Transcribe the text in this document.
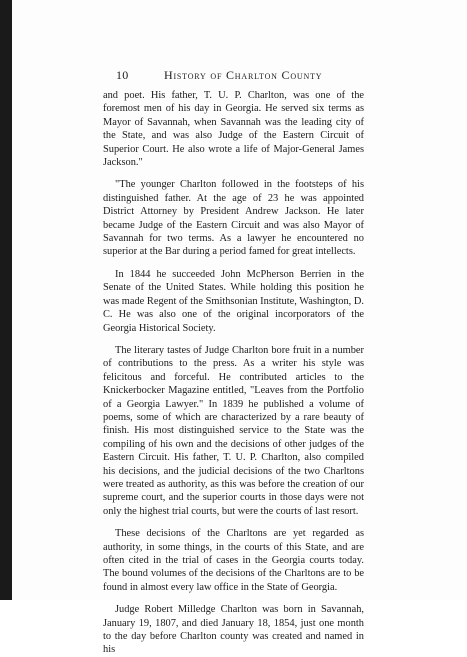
10	History of Charlton County

and poet. His father, T. U. P. Charlton, was one of the foremost men of his day in Georgia. He served six terms as Mayor of Savannah, when Savannah was the leading city of the State, and was also Judge of the Eastern Circuit of Superior Court. He also wrote a life of Major-General James Jackson."

"The younger Charlton followed in the footsteps of his distinguished father. At the age of 23 he was appointed District Attorney by President Andrew Jackson. He later became Judge of the Eastern Circuit and was also Mayor of Savannah for two terms. As a lawyer he encountered no superior at the Bar during a period famed for great intellects.

In 1844 he succeeded John McPherson Berrien in the Senate of the United States. While holding this position he was made Regent of the Smithsonian Institute, Washington, D. C. He was also one of the original incorporators of the Georgia Historical Society.

The literary tastes of Judge Charlton bore fruit in a number of contributions to the press. As a writer his style was felicitous and forceful. He contributed articles to the Knickerbocker Magazine entitled, "Leaves from the Portfolio of a Georgia Lawyer." In 1839 he published a volume of poems, some of which are characterized by a rare beauty of finish. His most distinguished service to the State was the compiling of his own and the decisions of other judges of the Eastern Circuit. His father, T. U. P. Charlton, also compiled his decisions, and the judicial decisions of the two Charltons were treated as authority, as this was before the creation of our supreme court, and the superior courts in those days were not only the highest trial courts, but were the courts of last resort.

These decisions of the Charltons are yet regarded as authority, in some things, in the courts of this State, and are often cited in the trial of cases in the Georgia courts today. The bound volumes of the decisions of the Charltons are to be found in almost every law office in the State of Georgia.

Judge Robert Milledge Charlton was born in Savannah, January 19, 1807, and died January 18, 1854, just one month to the day before Charlton county was created and named in his
